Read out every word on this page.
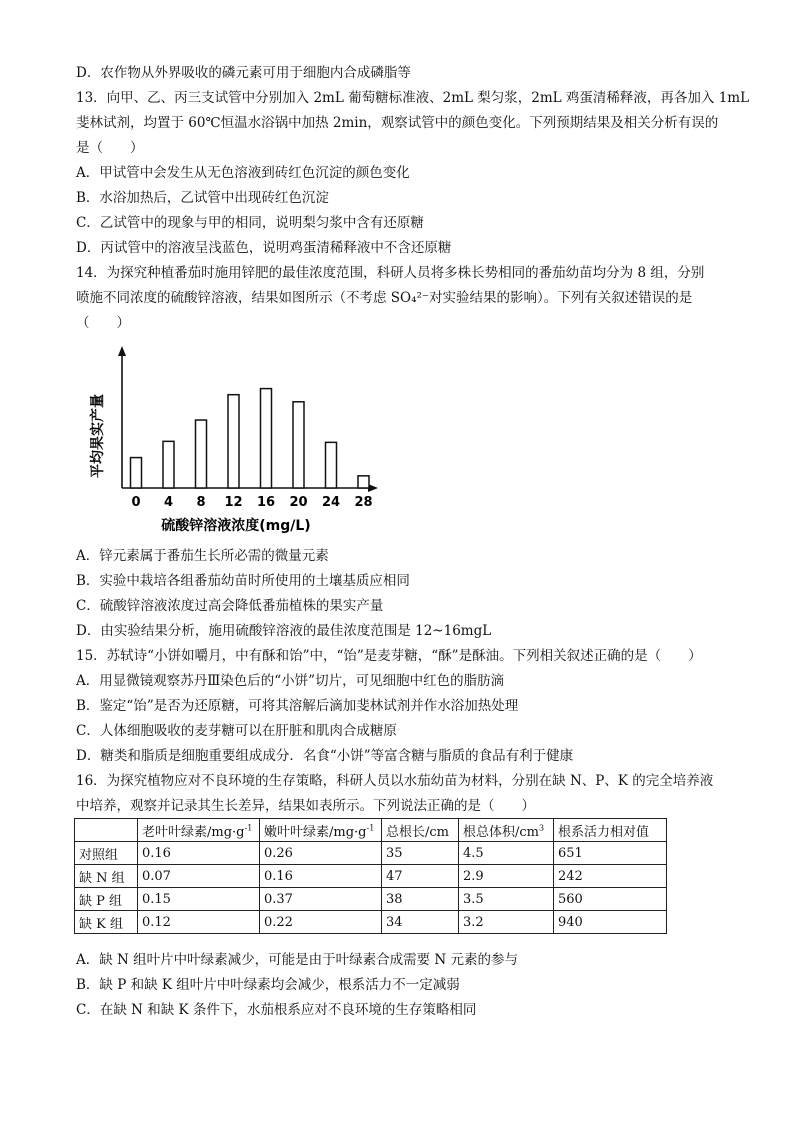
D．农作物从外界吸收的磷元素可用于细胞内合成磷脂等
13．向甲、乙、丙三支试管中分别加入 2mL 葡萄糖标准液、2mL 梨匀浆，2mL 鸡蛋清稀释液，再各加入 1mL
斐林试剂，均置于 60℃恒温水浴锅中加热 2min，观察试管中的颜色变化。下列预期结果及相关分析有误的
是（　　）
A．甲试管中会发生从无色溶液到砖红色沉淀的颜色变化
B．水浴加热后，乙试管中出现砖红色沉淀
C．乙试管中的现象与甲的相同，说明梨匀浆中含有还原糖
D．丙试管中的溶液呈浅蓝色，说明鸡蛋清稀释液中不含还原糖
14．为探究种植番茄时施用锌肥的最佳浓度范围，科研人员将多株长势相同的番茄幼苗均分为 8 组，分别
喷施不同浓度的硫酸锌溶液，结果如图所示（不考虑 SO₄²⁻对实验结果的影响）。下列有关叙述错误的是
（　　）
平均果实产量
0 4 8 12 16 20 24 28
硫酸锌溶液浓度(mg/L)
A．锌元素属于番茄生长所必需的微量元素
B．实验中栽培各组番茄幼苗时所使用的土壤基质应相同
C．硫酸锌溶液浓度过高会降低番茄植株的果实产量
D．由实验结果分析，施用硫酸锌溶液的最佳浓度范围是 12~16mgL
15．苏轼诗“小饼如嚼月，中有酥和饴”中，“饴”是麦芽糖，“酥”是酥油。下列相关叙述正确的是（　　）
A．用显微镜观察苏丹Ⅲ染色后的“小饼”切片，可见细胞中红色的脂肪滴
B．鉴定“饴”是否为还原糖，可将其溶解后滴加斐林试剂并作水浴加热处理
C．人体细胞吸收的麦芽糖可以在肝脏和肌肉合成糖原
D．糖类和脂质是细胞重要组成成分．名食“小饼”等富含糖与脂质的食品有利于健康
16．为探究植物应对不良环境的生存策略，科研人员以水茄幼苗为材料，分别在缺 N、P、K 的完全培养液
中培养，观察并记录其生长差异，结果如表所示。下列说法正确的是（　　）
	老叶叶绿素$/mg\cdot g^{-1}$	嫩叶叶绿素$/mg\cdot g^{-1}$	总根长/cm	根总体积$/cm^3$	根系活力相对值
对照组	0.16	0.26	35	4.5	651
缺 N 组	0.07	0.16	47	2.9	242
缺 P 组	0.15	0.37	38	3.5	560
缺 K 组	0.12	0.22	34	3.2	940
A．缺 N 组叶片中叶绿素减少，可能是由于叶绿素合成需要 N 元素的参与
B．缺 P 和缺 K 组叶片中叶绿素均会减少，根系活力不一定减弱
C．在缺 N 和缺 K 条件下，水茄根系应对不良环境的生存策略相同
